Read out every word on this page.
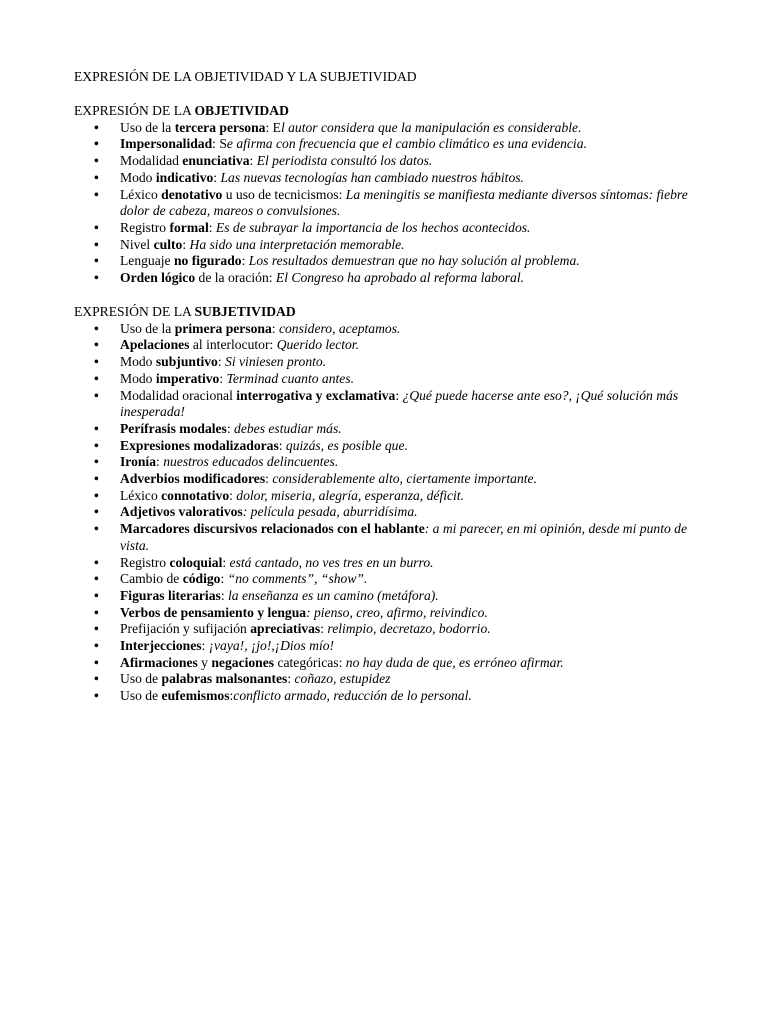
EXPRESIÓN DE LA OBJETIVIDAD Y LA SUBJETIVIDAD
EXPRESIÓN DE LA OBJETIVIDAD
• Uso de la tercera persona: El autor considera que la manipulación es considerable.
• Impersonalidad: Se afirma con frecuencia que el cambio climático es una evidencia.
• Modalidad enunciativa: El periodista consultó los datos.
• Modo indicativo: Las nuevas tecnologías han cambiado nuestros hábitos.
• Léxico denotativo u uso de tecnicismos: La meningitis se manifiesta mediante diversos síntomas: fiebre dolor de cabeza, mareos o convulsiones.
• Registro formal: Es de subrayar la importancia de los hechos acontecidos.
• Nivel culto: Ha sido una interpretación memorable.
• Lenguaje no figurado: Los resultados demuestran que no hay solución al problema.
• Orden lógico de la oración: El Congreso ha aprobado al reforma laboral.
EXPRESIÓN DE LA SUBJETIVIDAD
• Uso de la primera persona: considero, aceptamos.
• Apelaciones al interlocutor: Querido lector.
• Modo subjuntivo: Si viniesen pronto.
• Modo imperativo: Terminad cuanto antes.
• Modalidad oracional interrogativa y exclamativa: ¿Qué puede hacerse ante eso?, ¡Qué solución más inesperada!
• Perífrasis modales: debes estudiar más.
• Expresiones modalizadoras: quizás, es posible que.
• Ironía: nuestros educados delincuentes.
• Adverbios modificadores: considerablemente alto, ciertamente importante.
• Léxico connotativo: dolor, miseria, alegría, esperanza, déficit.
• Adjetivos valorativos: película pesada, aburridísima.
• Marcadores discursivos relacionados con el hablante: a mi parecer, en mi opinión, desde mi punto de vista.
• Registro coloquial: está cantado, no ves tres en un burro.
• Cambio de código: “no comments”, “show”.
• Figuras literarias: la enseñanza es un camino (metáfora).
• Verbos de pensamiento y lengua: pienso, creo, afirmo, reivindico.
• Prefijación y sufijación apreciativas: relimpio, decretazo, bodorrio.
• Interjecciones: ¡vaya!, ¡jo!,¡Dios mío!
• Afirmaciones y negaciones categóricas: no hay duda de que, es erróneo afirmar.
• Uso de palabras malsonantes: coñazo, estupidez
• Uso de eufemismos:conflicto armado, reducción de lo personal.
